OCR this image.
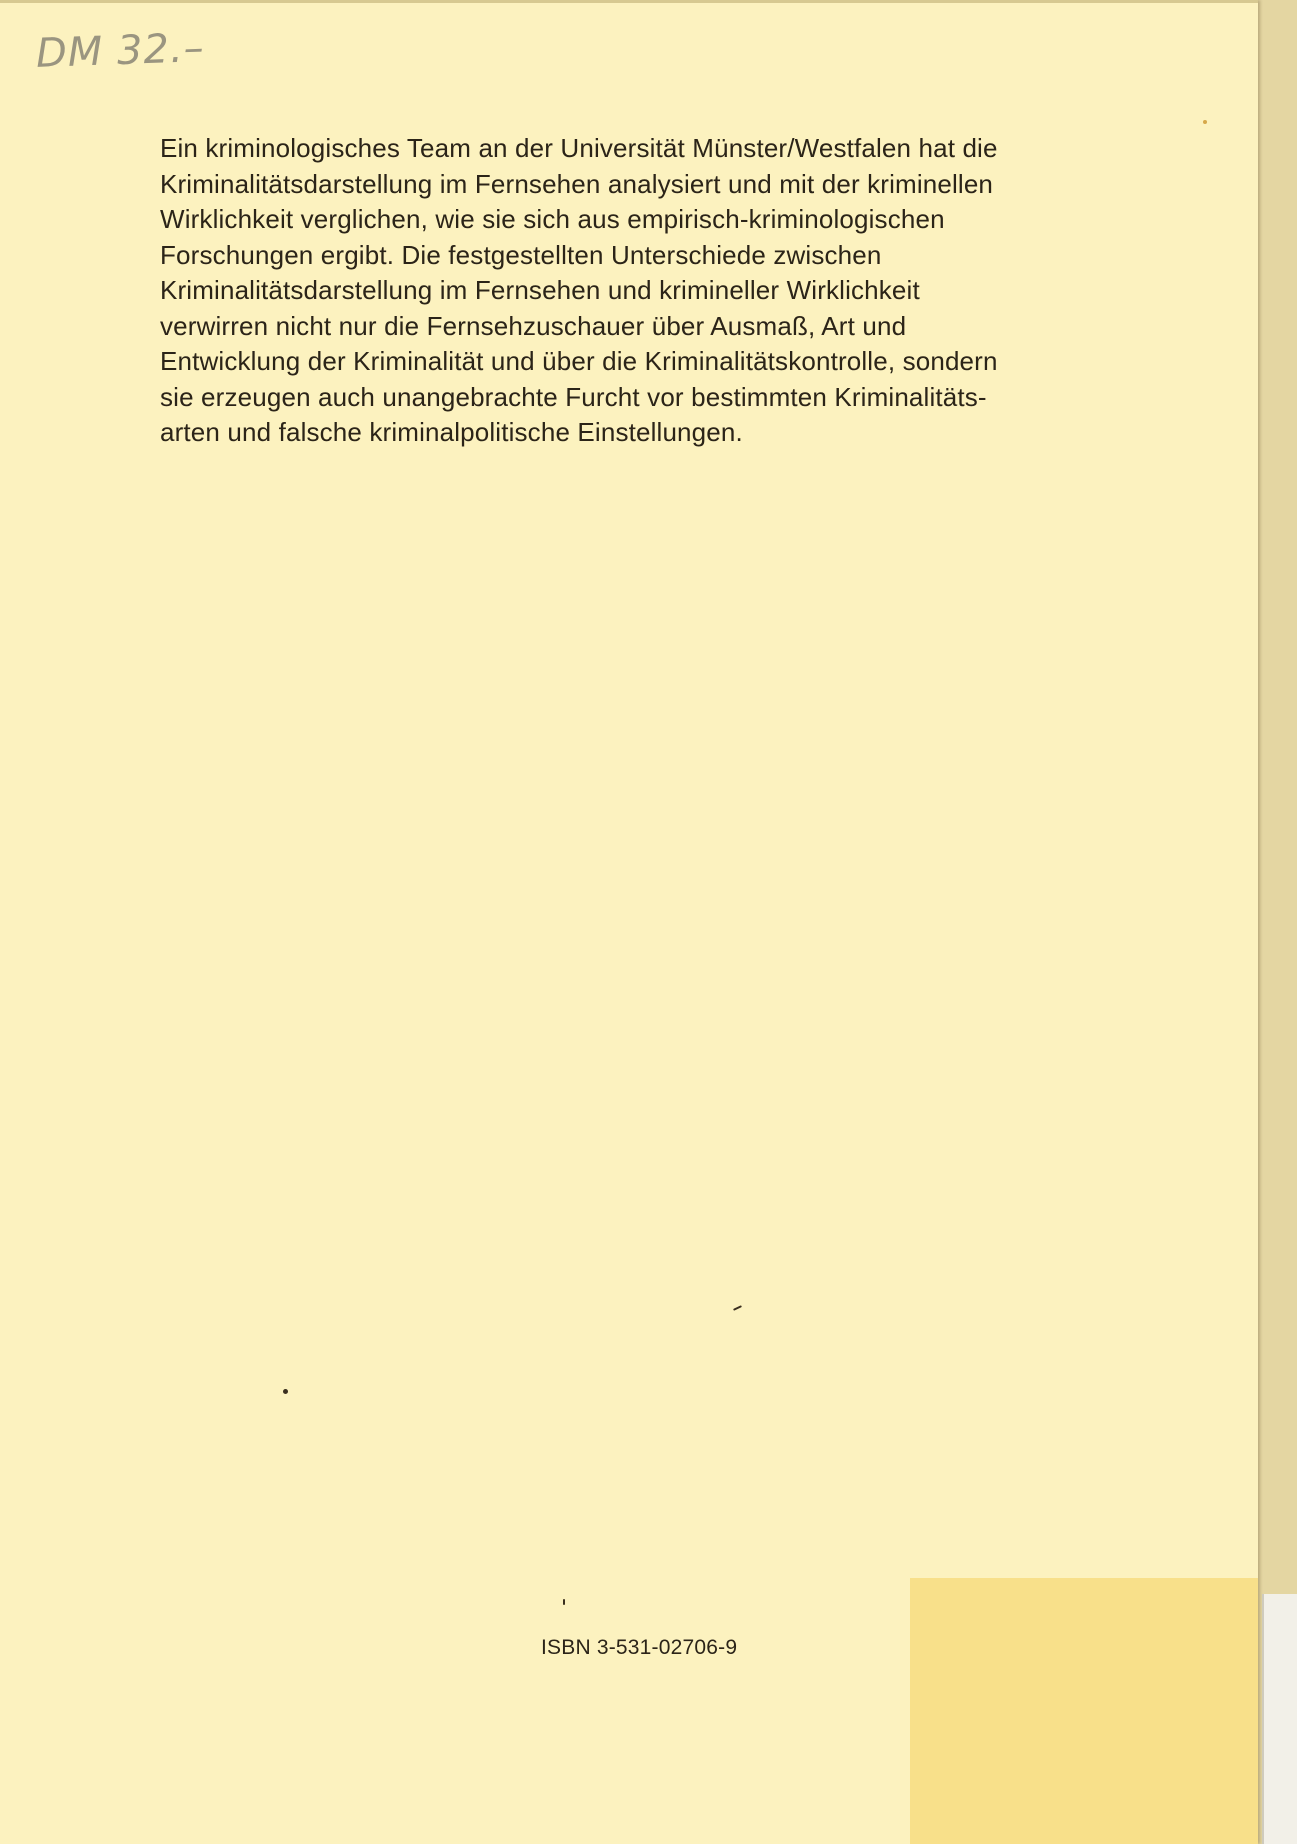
DM 32.–
Ein kriminologisches Team an der Universität Münster/Westfalen hat die
Kriminalitätsdarstellung im Fernsehen analysiert und mit der kriminellen
Wirklichkeit verglichen, wie sie sich aus empirisch-kriminologischen
Forschungen ergibt. Die festgestellten Unterschiede zwischen
Kriminalitätsdarstellung im Fernsehen und krimineller Wirklichkeit
verwirren nicht nur die Fernsehzuschauer über Ausmaß, Art und
Entwicklung der Kriminalität und über die Kriminalitätskontrolle, sondern
sie erzeugen auch unangebrachte Furcht vor bestimmten Kriminalitäts-
arten und falsche kriminalpolitische Einstellungen.
ISBN 3-531-02706-9
